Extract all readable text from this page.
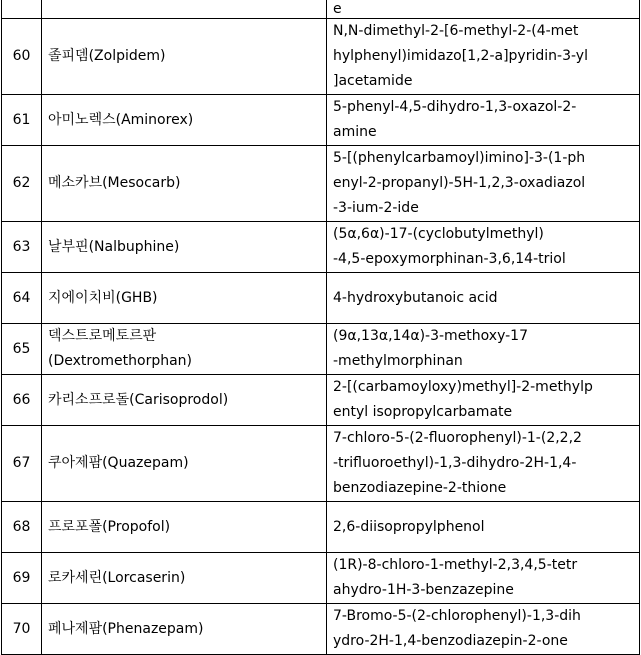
		e
60	졸피뎀(Zolpidem)	N,N-dimethyl-2-[6-methyl-2-(4-met
hylphenyl)imidazo[1,2-a]pyridin-3-yl
]acetamide
61	아미노렉스(Aminorex)	5-phenyl-4,5-dihydro-1,3-oxazol-2-
amine
62	메소카브(Mesocarb)	5-[(phenylcarbamoyl)imino]-3-(1-ph
enyl-2-propanyl)-5H-1,2,3-oxadiazol
-3-ium-2-ide
63	날부핀(Nalbuphine)	(5α,6α)-17-(cyclobutylmethyl)
-4,5-epoxymorphinan-3,6,14-triol
64	지에이치비(GHB)	4-hydroxybutanoic acid
65	덱스트로메토르판
(Dextromethorphan)	(9α,13α,14α)-3-methoxy-17
-methylmorphinan
66	카리소프로돌(Carisoprodol)	2-[(carbamoyloxy)methyl]-2-methylp
entyl isopropylcarbamate
67	쿠아제팜(Quazepam)	7-chloro-5-(2-fluorophenyl)-1-(2,2,2
-trifluoroethyl)-1,3-dihydro-2H-1,4-
benzodiazepine-2-thione
68	프로포폴(Propofol)	2,6-diisopropylphenol
69	로카세린(Lorcaserin)	(1R)-8-chloro-1-methyl-2,3,4,5-tetr
ahydro-1H-3-benzazepine
70	페나제팜(Phenazepam)	7-Bromo-5-(2-chlorophenyl)-1,3-dih
ydro-2H-1,4-benzodiazepin-2-one
